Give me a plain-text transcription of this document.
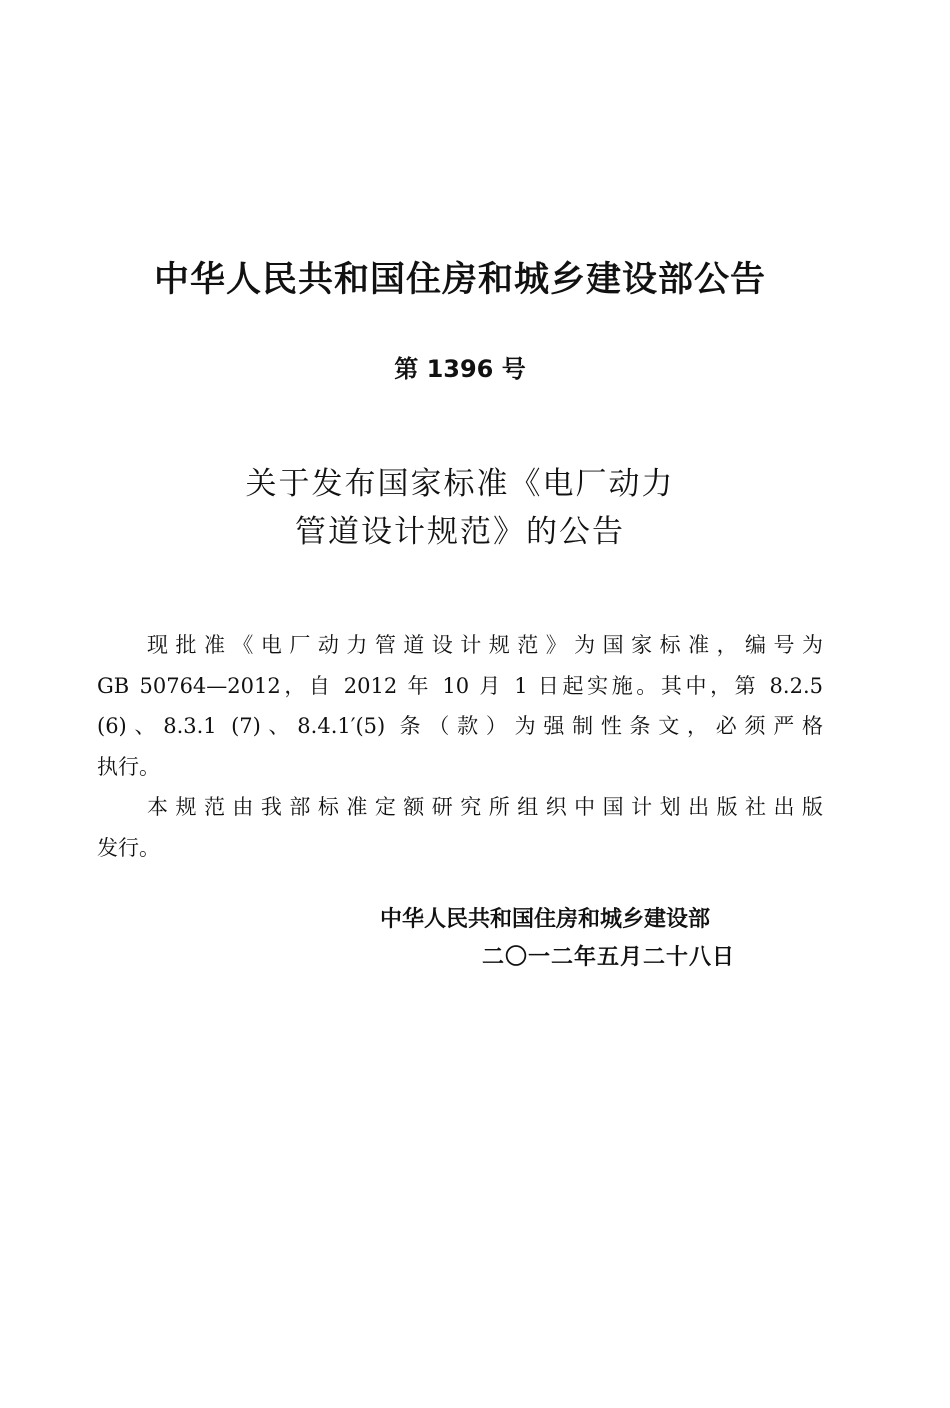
中华人民共和国住房和城乡建设部公告
第 1396 号
关于发布国家标准《电厂动力
管道设计规范》的公告
现批准《电厂动力管道设计规范》为国家标准，编号为
GB 50764—2012，自 2012 年 10 月 1 日起实施。其中，第 8.2.5
(6)、8.3.1 (7)、8.4.1′(5) 条（款）为强制性条文，必须严格
执行。
本规范由我部标准定额研究所组织中国计划出版社出版
发行。
中华人民共和国住房和城乡建设部
二〇一二年五月二十八日
